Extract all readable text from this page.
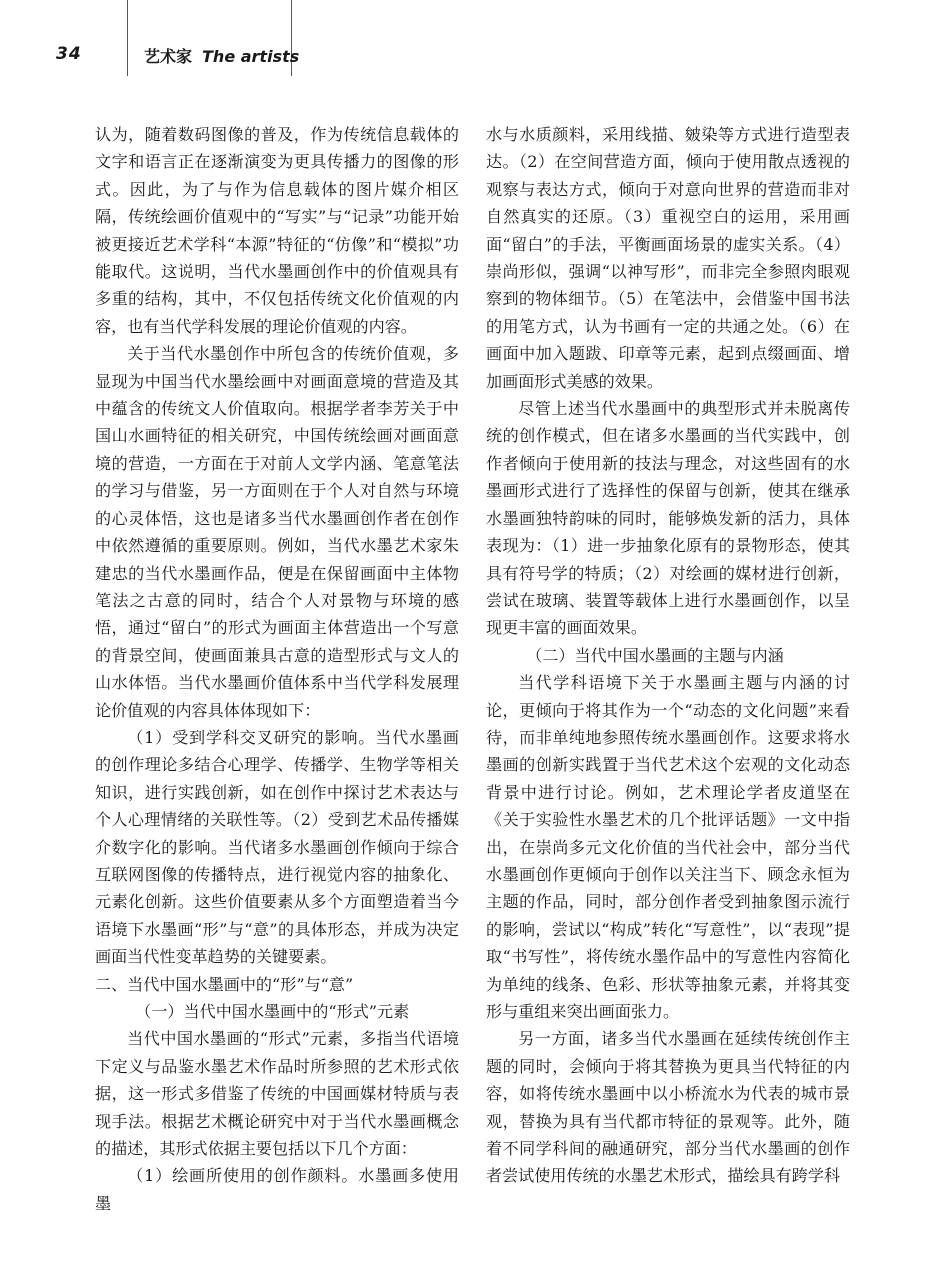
34	艺术家 The artists

认为，随着数码图像的普及，作为传统信息载体的文字和语言正在逐渐演变为更具传播力的图像的形式。因此，为了与作为信息载体的图片媒介相区隔，传统绘画价值观中的“写实”与“记录”功能开始被更接近艺术学科“本源”特征的“仿像”和“模拟”功能取代。这说明，当代水墨画创作中的价值观具有多重的结构，其中，不仅包括传统文化价值观的内容，也有当代学科发展的理论价值观的内容。

关于当代水墨创作中所包含的传统价值观，多显现为中国当代水墨绘画中对画面意境的营造及其中蕴含的传统文人价值取向。根据学者李芳关于中国山水画特征的相关研究，中国传统绘画对画面意境的营造，一方面在于对前人文学内涵、笔意笔法的学习与借鉴，另一方面则在于个人对自然与环境的心灵体悟，这也是诸多当代水墨画创作者在创作中依然遵循的重要原则。例如，当代水墨艺术家朱建忠的当代水墨画作品，便是在保留画面中主体物笔法之古意的同时，结合个人对景物与环境的感悟，通过“留白”的形式为画面主体营造出一个写意的背景空间，使画面兼具古意的造型形式与文人的山水体悟。当代水墨画价值体系中当代学科发展理论价值观的内容具体体现如下：

（1）受到学科交叉研究的影响。当代水墨画的创作理论多结合心理学、传播学、生物学等相关知识，进行实践创新，如在创作中探讨艺术表达与个人心理情绪的关联性等。（2）受到艺术品传播媒介数字化的影响。当代诸多水墨画创作倾向于综合互联网图像的传播特点，进行视觉内容的抽象化、元素化创新。这些价值要素从多个方面塑造着当今语境下水墨画“形”与“意”的具体形态，并成为决定画面当代性变革趋势的关键要素。

二、当代中国水墨画中的“形”与“意”

（一）当代中国水墨画中的“形式”元素

当代中国水墨画的“形式”元素，多指当代语境下定义与品鉴水墨艺术作品时所参照的艺术形式依据，这一形式多借鉴了传统的中国画媒材特质与表现手法。根据艺术概论研究中对于当代水墨画概念的描述，其形式依据主要包括以下几个方面：

（1）绘画所使用的创作颜料。水墨画多使用墨

水与水质颜料，采用线描、皴染等方式进行造型表达。（2）在空间营造方面，倾向于使用散点透视的观察与表达方式，倾向于对意向世界的营造而非对自然真实的还原。（3）重视空白的运用，采用画面“留白”的手法，平衡画面场景的虚实关系。（4）崇尚形似，强调“以神写形”，而非完全参照肉眼观察到的物体细节。（5）在笔法中，会借鉴中国书法的用笔方式，认为书画有一定的共通之处。（6）在画面中加入题跋、印章等元素，起到点缀画面、增加画面形式美感的效果。

尽管上述当代水墨画中的典型形式并未脱离传统的创作模式，但在诸多水墨画的当代实践中，创作者倾向于使用新的技法与理念，对这些固有的水墨画形式进行了选择性的保留与创新，使其在继承水墨画独特韵味的同时，能够焕发新的活力，具体表现为：（1）进一步抽象化原有的景物形态，使其具有符号学的特质；（2）对绘画的媒材进行创新，尝试在玻璃、装置等载体上进行水墨画创作，以呈现更丰富的画面效果。

（二）当代中国水墨画的主题与内涵

当代学科语境下关于水墨画主题与内涵的讨论，更倾向于将其作为一个“动态的文化问题”来看待，而非单纯地参照传统水墨画创作。这要求将水墨画的创新实践置于当代艺术这个宏观的文化动态背景中进行讨论。例如，艺术理论学者皮道坚在《关于实验性水墨艺术的几个批评话题》一文中指出，在崇尚多元文化价值的当代社会中，部分当代水墨画创作更倾向于创作以关注当下、顾念永恒为主题的作品，同时，部分创作者受到抽象图示流行的影响，尝试以“构成”转化“写意性”，以“表现”提取“书写性”，将传统水墨作品中的写意性内容简化为单纯的线条、色彩、形状等抽象元素，并将其变形与重组来突出画面张力。

另一方面，诸多当代水墨画在延续传统创作主题的同时，会倾向于将其替换为更具当代特征的内容，如将传统水墨画中以小桥流水为代表的城市景观，替换为具有当代都市特征的景观等。此外，随着不同学科间的融通研究，部分当代水墨画的创作者尝试使用传统的水墨艺术形式，描绘具有跨学科
